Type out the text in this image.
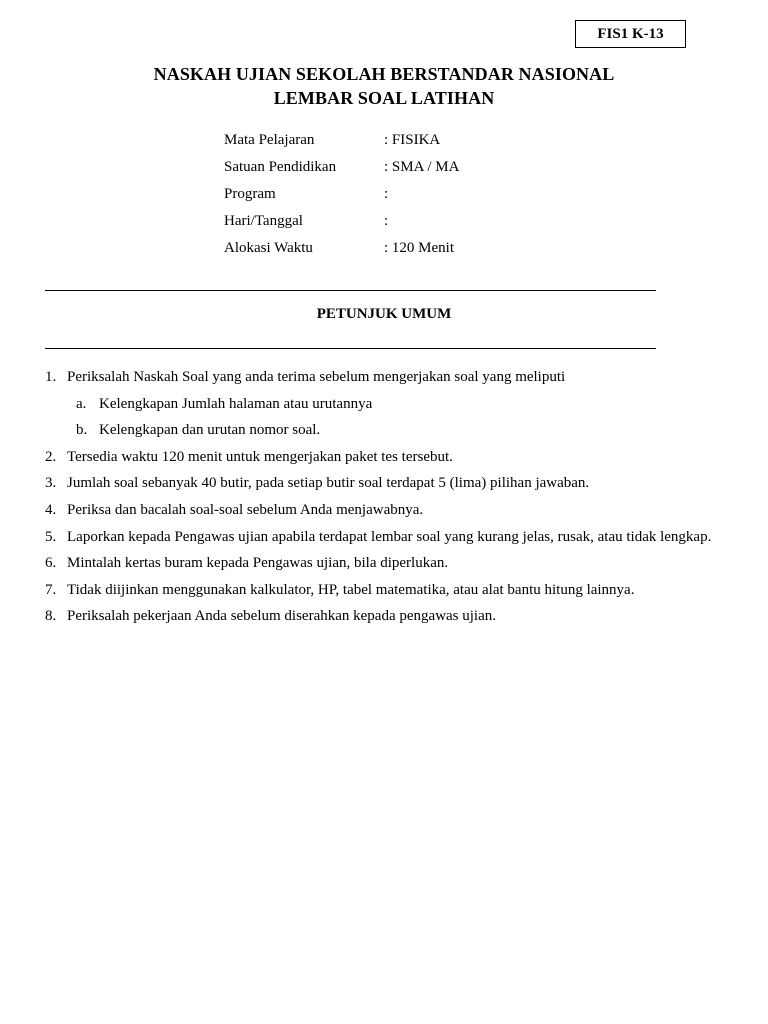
FIS1 K-13
NASKAH UJIAN SEKOLAH BERSTANDAR NASIONAL
LEMBAR SOAL LATIHAN
Mata Pelajaran	: FISIKA
Satuan Pendidikan	: SMA / MA
Program	:
Hari/Tanggal	:
Alokasi Waktu	: 120 Menit
PETUNJUK UMUM
1. Periksalah Naskah Soal yang anda terima sebelum mengerjakan soal yang meliputi
a. Kelengkapan Jumlah halaman atau urutannya
b. Kelengkapan dan urutan nomor soal.
2. Tersedia waktu 120 menit untuk mengerjakan paket tes tersebut.
3. Jumlah soal sebanyak 40 butir, pada setiap butir soal terdapat 5 (lima) pilihan jawaban.
4. Periksa dan bacalah soal-soal sebelum Anda menjawabnya.
5. Laporkan kepada Pengawas ujian apabila terdapat lembar soal yang kurang jelas, rusak, atau tidak lengkap.
6. Mintalah kertas buram kepada Pengawas ujian, bila diperlukan.
7. Tidak diijinkan menggunakan kalkulator, HP, tabel matematika, atau alat bantu hitung lainnya.
8. Periksalah pekerjaan Anda sebelum diserahkan kepada pengawas ujian.
